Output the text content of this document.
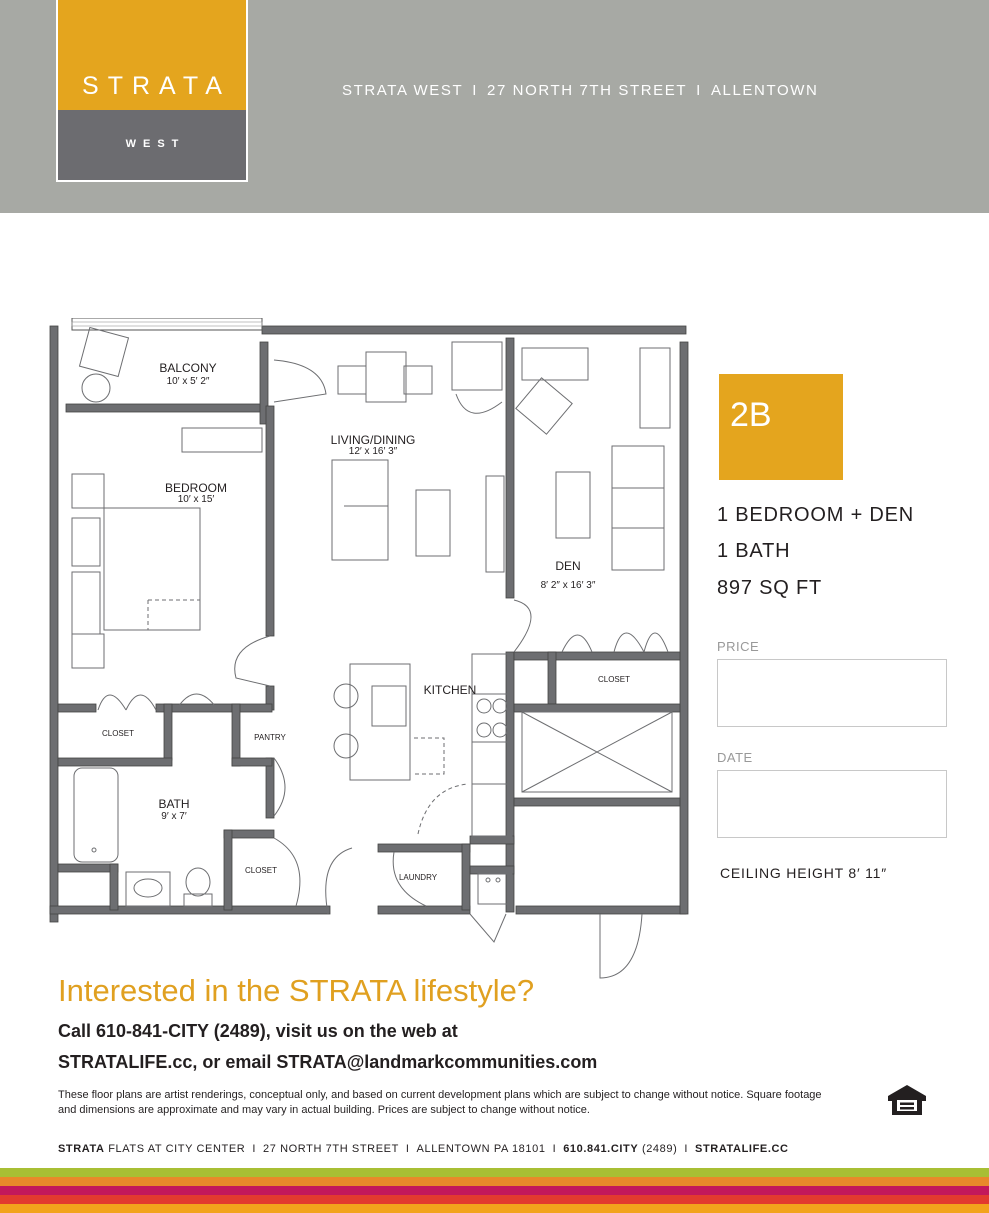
STRATA
WEST
STRATA WEST I 27 NORTH 7TH STREET I ALLENTOWN
BALCONY
10′ x 5′ 2″
BEDROOM
10′ x 15′
LIVING/DINING
12′ x 16′ 3″
DEN
8′ 2″ x 16′ 3″
KITCHEN
BATH
9′ x 7′
CLOSET
CLOSET
CLOSET
PANTRY
LAUNDRY
2B
1 BEDROOM + DEN
1 BATH
897 SQ FT
PRICE
DATE
CEILING HEIGHT 8′ 11″
Interested in the STRATA lifestyle?
Call 610-841-CITY (2489), visit us on the web at
STRATALIFE.cc, or email STRATA@landmarkcommunities.com
These floor plans are artist renderings, conceptual only, and based on current development plans which are subject to change without notice. Square footage and dimensions are approximate and may vary in actual building. Prices are subject to change without notice.
STRATA FLATS AT CITY CENTER I 27 NORTH 7TH STREET I ALLENTOWN PA 18101 I 610.841.CITY (2489) I STRATALIFE.CC
